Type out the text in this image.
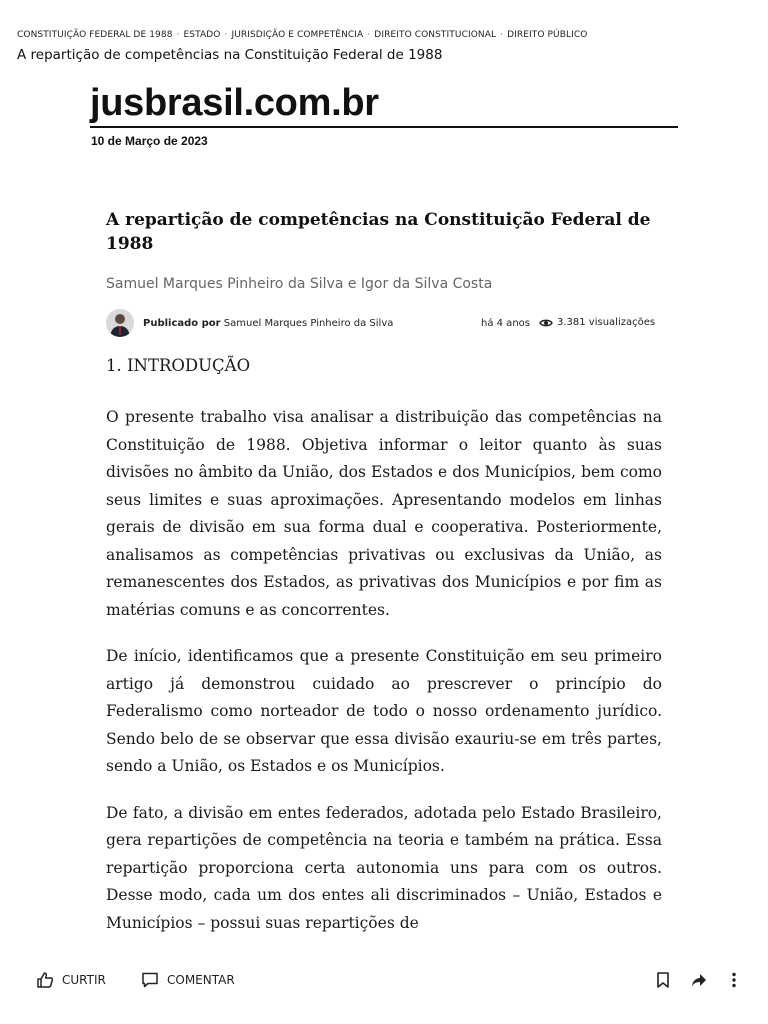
CONSTITUIÇÃO FEDERAL DE 1988 · ESTADO · JURISDIÇÃO E COMPETÊNCIA · DIREITO CONSTITUCIONAL · DIREITO PÚBLICO
A repartição de competências na Constituição Federal de 1988
jusbrasil.com.br
10 de Março de 2023
A repartição de competências na Constituição Federal de 1988
Samuel Marques Pinheiro da Silva e Igor da Silva Costa
Publicado por Samuel Marques Pinheiro da Silva	há 4 anos	3.381 visualizações
1. INTRODUÇÃO

O presente trabalho visa analisar a distribuição das competências na Constituição de 1988. Objetiva informar o leitor quanto às suas divisões no âmbito da União, dos Estados e dos Municípios, bem como seus limites e suas aproximações. Apresentando modelos em linhas gerais de divisão em sua forma dual e cooperativa. Posteriormente, analisamos as competências privativas ou exclusivas da União, as remanescentes dos Estados, as privativas dos Municípios e por fim as matérias comuns e as concorrentes.

De início, identificamos que a presente Constituição em seu primeiro artigo já demonstrou cuidado ao prescrever o princípio do Federalismo como norteador de todo o nosso ordenamento jurídico. Sendo belo de se observar que essa divisão exauriu-se em três partes, sendo a União, os Estados e os Municípios.

De fato, a divisão em entes federados, adotada pelo Estado Brasileiro, gera repartições de competência na teoria e também na prática. Essa repartição proporciona certa autonomia uns para com os outros. Desse modo, cada um dos entes ali discriminados – União, Estados e Municípios – possui suas repartições de

CURTIR	COMENTAR
